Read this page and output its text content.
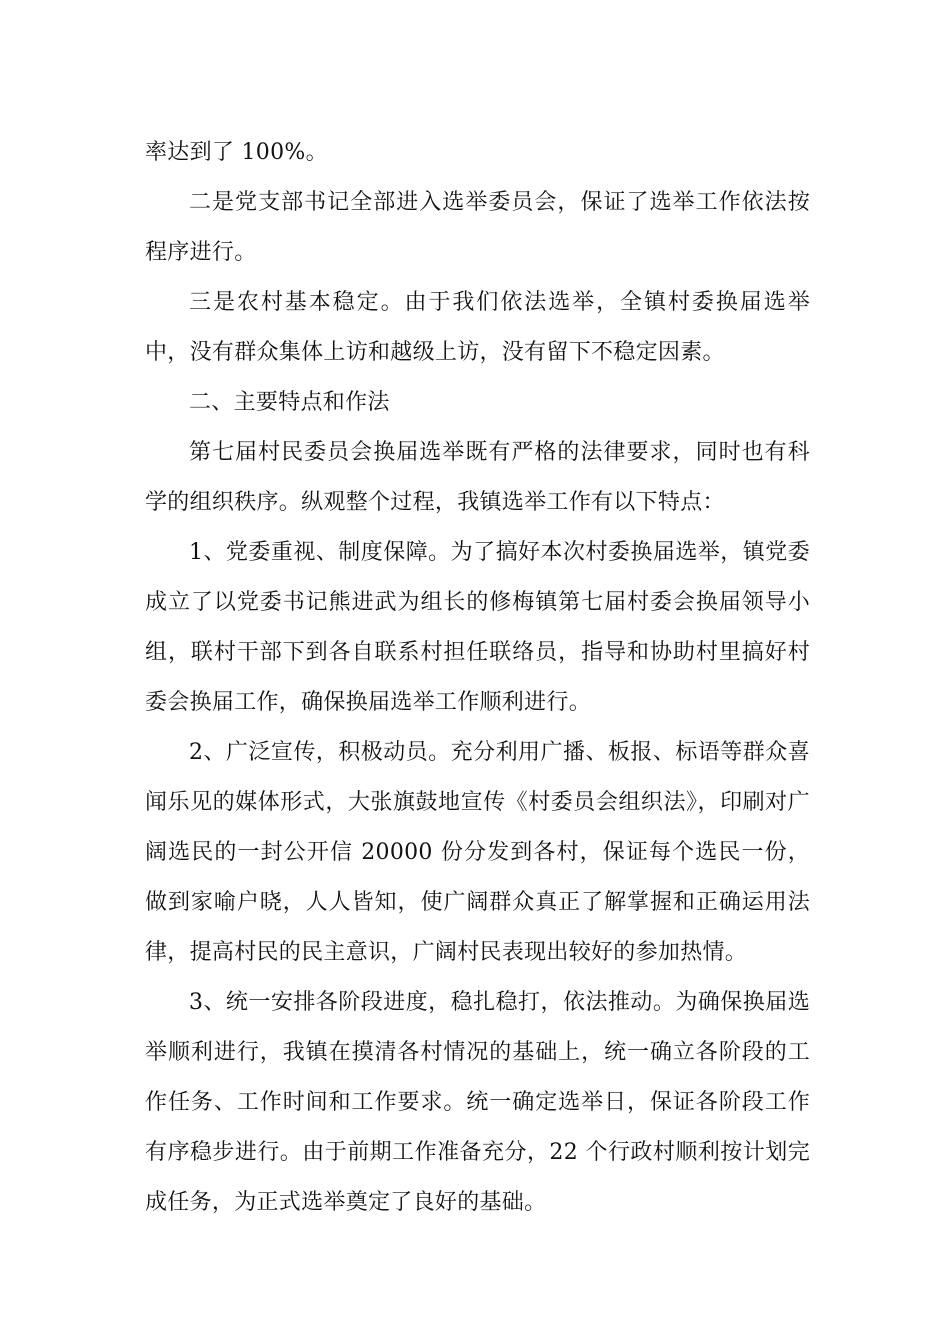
率达到了 100%。

二是党支部书记全部进入选举委员会，保证了选举工作依法按程序进行。

三是农村基本稳定。由于我们依法选举，全镇村委换届选举中，没有群众集体上访和越级上访，没有留下不稳定因素。

二、主要特点和作法

第七届村民委员会换届选举既有严格的法律要求，同时也有科学的组织秩序。纵观整个过程，我镇选举工作有以下特点：

1、党委重视、制度保障。为了搞好本次村委换届选举，镇党委成立了以党委书记熊进武为组长的修梅镇第七届村委会换届领导小组，联村干部下到各自联系村担任联络员，指导和协助村里搞好村委会换届工作，确保换届选举工作顺利进行。

2、广泛宣传，积极动员。充分利用广播、板报、标语等群众喜闻乐见的媒体形式，大张旗鼓地宣传《村委员会组织法》，印刷对广阔选民的一封公开信 20000 份分发到各村，保证每个选民一份，做到家喻户晓，人人皆知，使广阔群众真正了解掌握和正确运用法律，提高村民的民主意识，广阔村民表现出较好的参加热情。

3、统一安排各阶段进度，稳扎稳打，依法推动。为确保换届选举顺利进行，我镇在摸清各村情况的基础上，统一确立各阶段的工作任务、工作时间和工作要求。统一确定选举日，保证各阶段工作有序稳步进行。由于前期工作准备充分，22 个行政村顺利按计划完成任务，为正式选举奠定了良好的基础。
